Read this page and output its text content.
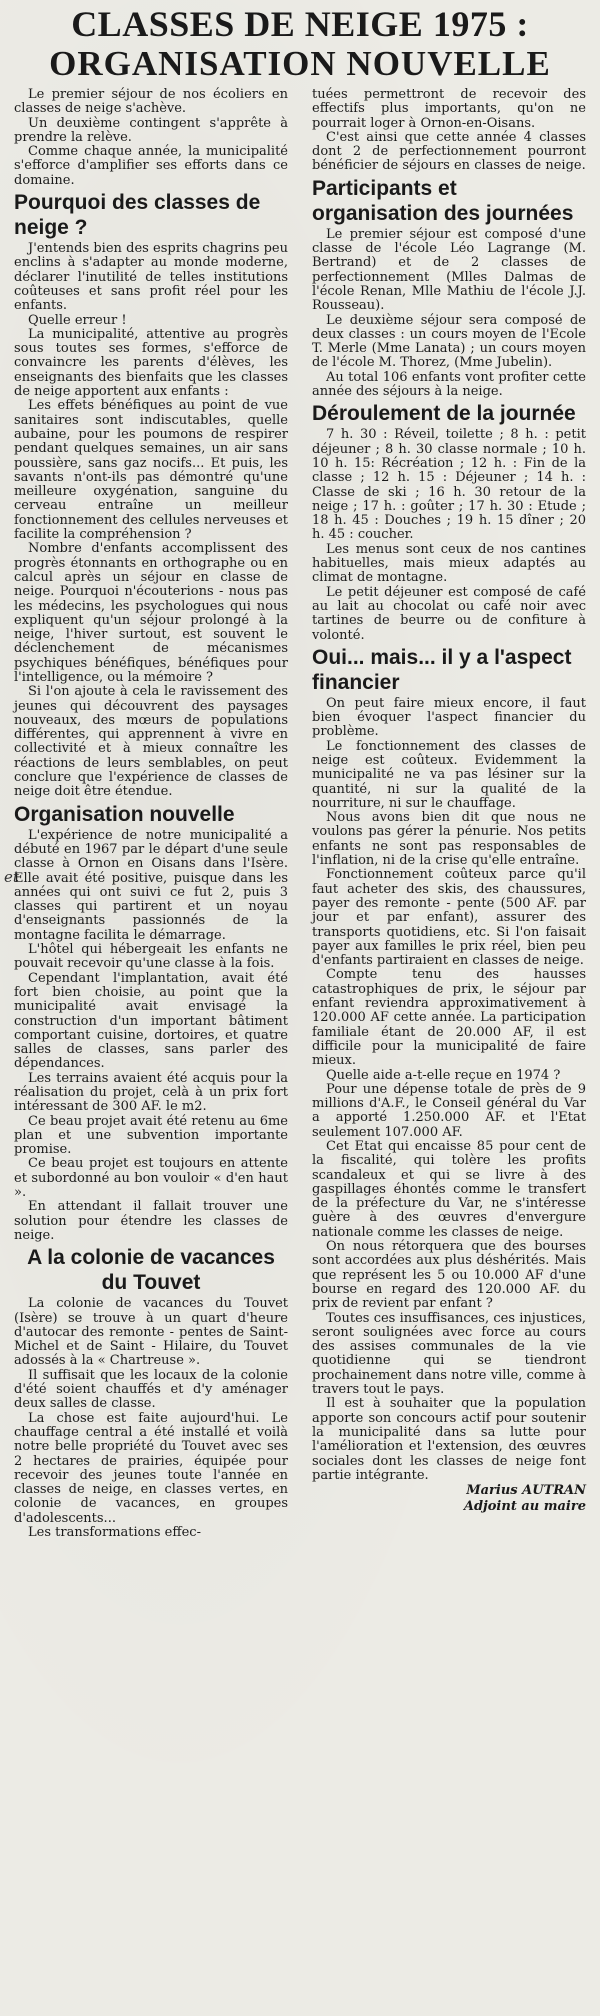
CLASSES DE NEIGE 1975 :
ORGANISATION NOUVELLE

Le premier séjour de nos écoliers en classes de neige s'achève.

Un deuxième contingent s'apprête à prendre la relève.

Comme chaque année, la municipalité s'efforce d'amplifier ses efforts dans ce domaine.

Pourquoi des classes de neige ?

J'entends bien des esprits chagrins peu enclins à s'adapter au monde moderne, déclarer l'inutilité de telles institutions coûteuses et sans profit réel pour les enfants.

Quelle erreur !

La municipalité, attentive au progrès sous toutes ses formes, s'efforce de convaincre les parents d'élèves, les enseignants des bienfaits que les classes de neige apportent aux enfants :

Les effets bénéfiques au point de vue sanitaires sont indiscutables, quelle aubaine, pour les poumons de respirer pendant quelques semaines, un air sans poussière, sans gaz nocifs... Et puis, les savants n'ont-ils pas démontré qu'une meilleure oxygénation, sanguine du cerveau entraîne un meilleur fonctionnement des cellules nerveuses et facilite la compréhension ?

Nombre d'enfants accomplissent des progrès étonnants en orthographe ou en calcul après un séjour en classe de neige. Pourquoi n'écouterions - nous pas les médecins, les psychologues qui nous expliquent qu'un séjour prolongé à la neige, l'hiver surtout, est souvent le déclenchement de mécanismes psychiques bénéfiques, bénéfiques pour l'intelligence, ou la mémoire ?

Si l'on ajoute à cela le ravissement des jeunes qui découvrent des paysages nouveaux, des mœurs de populations différentes, qui apprennent à vivre en collectivité et à mieux connaître les réactions de leurs semblables, on peut conclure que l'expérience de classes de neige doit être étendue.

Organisation nouvelle

L'expérience de notre municipalité a débuté en 1967 par le départ d'une seule classe à Ornon en Oisans dans l'Isère. Elle avait été positive, puisque dans les années qui ont suivi ce fut 2, puis 3 classes qui partirent et un noyau d'enseignants passionnés de la montagne facilita le démarrage.

L'hôtel qui hébergeait les enfants ne pouvait recevoir qu'une classe à la fois.

Cependant l'implantation, avait été fort bien choisie, au point que la municipalité avait envisagé la construction d'un important bâtiment comportant cuisine, dortoires, et quatre salles de classes, sans parler des dépendances.

Les terrains avaient été acquis pour la réalisation du projet, celà à un prix fort intéressant de 300 AF. le m2.

Ce beau projet avait été retenu au 6me plan et une subvention importante promise.

Ce beau projet est toujours en attente et subordonné au bon vouloir « d'en haut ».

En attendant il fallait trouver une solution pour étendre les classes de neige.

A la colonie de vacances du Touvet

La colonie de vacances du Touvet (Isère) se trouve à un quart d'heure d'autocar des remonte - pentes de Saint-Michel et de Saint - Hilaire, du Touvet adossés à la « Chartreuse ».

Il suffisait que les locaux de la colonie d'été soient chauffés et d'y aménager deux salles de classe.

La chose est faite aujourd'hui. Le chauffage central a été installé et voilà notre belle propriété du Touvet avec ses 2 hectares de prairies, équipée pour recevoir des jeunes toute l'année en classes de neige, en classes vertes, en colonie de vacances, en groupes d'adolescents...

Les transformations effec-

tuées permettront de recevoir des effectifs plus importants, qu'on ne pourrait loger à Ornon-en-Oisans.

C'est ainsi que cette année 4 classes dont 2 de perfectionnement pourront bénéficier de séjours en classes de neige.

Participants et organisation des journées

Le premier séjour est composé d'une classe de l'école Léo Lagrange (M. Bertrand) et de 2 classes de perfectionnement (Mlles Dalmas de l'école Renan, Mlle Mathiu de l'école J.J. Rousseau).

Le deuxième séjour sera composé de deux classes : un cours moyen de l'Ecole T. Merle (Mme Lanata) ; un cours moyen de l'école M. Thorez, (Mme Jubelin).

Au total 106 enfants vont profiter cette année des séjours à la neige.

Déroulement de la journée

7 h. 30 : Réveil, toilette ; 8 h. : petit déjeuner ; 8 h. 30 classe normale ; 10 h. 10 h. 15: Récréation ; 12 h. : Fin de la classe ; 12 h. 15 : Déjeuner ; 14 h. : Classe de ski ; 16 h. 30 retour de la neige ; 17 h. : goûter ; 17 h. 30 : Etude ; 18 h. 45 : Douches ; 19 h. 15 dîner ; 20 h. 45 : coucher.

Les menus sont ceux de nos cantines habituelles, mais mieux adaptés au climat de montagne.

Le petit déjeuner est composé de café au lait au chocolat ou café noir avec tartines de beurre ou de confiture à volonté.

Oui... mais... il y a l'aspect financier

On peut faire mieux encore, il faut bien évoquer l'aspect financier du problème.

Le fonctionnement des classes de neige est coûteux. Evidemment la municipalité ne va pas lésiner sur la quantité, ni sur la qualité de la nourriture, ni sur le chauffage.

Nous avons bien dit que nous ne voulons pas gérer la pénurie. Nos petits enfants ne sont pas responsables de l'inflation, ni de la crise qu'elle entraîne.

Fonctionnement coûteux parce qu'il faut acheter des skis, des chaussures, payer des remonte - pente (500 AF. par jour et par enfant), assurer des transports quotidiens, etc. Si l'on faisait payer aux familles le prix réel, bien peu d'enfants partiraient en classes de neige.

Compte tenu des hausses catastrophiques de prix, le séjour par enfant reviendra approximativement à 120.000 AF cette année. La participation familiale étant de 20.000 AF, il est difficile pour la municipalité de faire mieux.

Quelle aide a-t-elle reçue en 1974 ?

Pour une dépense totale de près de 9 millions d'A.F., le Conseil général du Var a apporté 1.250.000 AF. et l'Etat seulement 107.000 AF.

Cet Etat qui encaisse 85 pour cent de la fiscalité, qui tolère les profits scandaleux et qui se livre à des gaspillages éhontés comme le transfert de la préfecture du Var, ne s'intéresse guère à des œuvres d'envergure nationale comme les classes de neige.

On nous rétorquera que des bourses sont accordées aux plus déshérités. Mais que représent les 5 ou 10.000 AF d'une bourse en regard des 120.000 AF. du prix de revient par enfant ?

Toutes ces insuffisances, ces injustices, seront soulignées avec force au cours des assises communales de la vie quotidienne qui se tiendront prochainement dans notre ville, comme à travers tout le pays.

Il est à souhaiter que la population apporte son concours actif pour soutenir la municipalité dans sa lutte pour l'amélioration et l'extension, des œuvres sociales dont les classes de neige font partie intégrante.

Marius AUTRAN
Adjoint au maire
et
